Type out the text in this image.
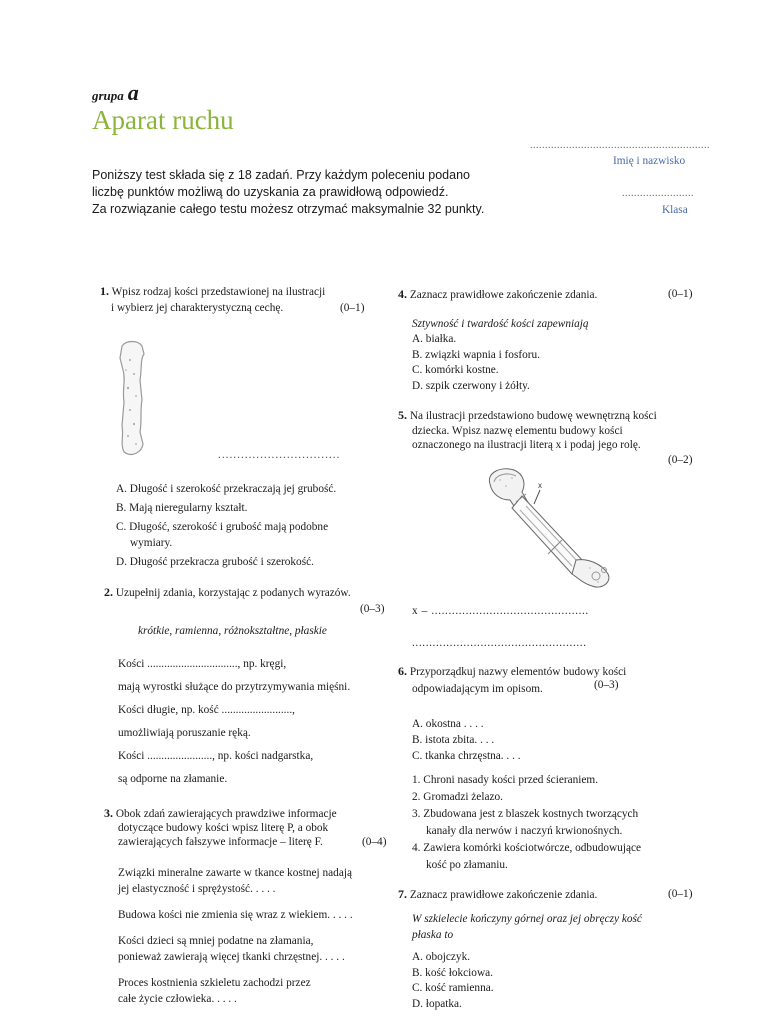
grupa a
Aparat ruchu
............................................................
Imię i nazwisko
........................
Klasa
Poniższy test składa się z 18 zadań. Przy każdym poleceniu podano
liczbę punktów możliwą do uzyskania za prawidłową odpowiedź.
Za rozwiązanie całego testu możesz otrzymać maksymalnie 32 punkty.
1. Wpisz rodzaj kości przedstawionej na ilustracji
i wybierz jej charakterystyczną cechę.	(0–1)
................................
A. Długość i szerokość przekraczają jej grubość.
B. Mają nieregularny kształt.
C. Długość, szerokość i grubość mają podobne
wymiary.
D. Długość przekracza grubość i szerokość.
2. Uzupełnij zdania, korzystając z podanych wyrazów.
(0–3)

krótkie, ramienna, różnokształtne, płaskie
Kości ................................, np. kręgi,
mają wyrostki służące do przytrzymywania mięśni.
Kości długie, np. kość .........................,
umożliwiają poruszanie ręką.
Kości ......................., np. kości nadgarstka,
są odporne na złamanie.
3. Obok zdań zawierających prawdziwe informacje
dotyczące budowy kości wpisz literę P, a obok
zawierających fałszywe informacje – literę F.	(0–4)
Związki mineralne zawarte w tkance kostnej nadają
jej elastyczność i sprężystość. . . . .
Budowa kości nie zmienia się wraz z wiekiem. . . . .
Kości dzieci są mniej podatne na złamania,
ponieważ zawierają więcej tkanki chrzęstnej. . . . .
Proces kostnienia szkieletu zachodzi przez
całe życie człowieka. . . . .
4. Zaznacz prawidłowe zakończenie zdania.	(0–1)
Sztywność i twardość kości zapewniają
A. białka.
B. związki wapnia i fosforu.
C. komórki kostne.
D. szpik czerwony i żółty.
5. Na ilustracji przedstawiono budowę wewnętrzną kości
dziecka. Wpisz nazwę elementu budowy kości
oznaczonego na ilustracji literą x i podaj jego rolę.
(0–2)

x
x – ..............................................
...................................................
6. Przyporządkuj nazwy elementów budowy kości
odpowiadającym im opisom.	(0–3)
A. okostna . . . .
B. istota zbita. . . .
C. tkanka chrzęstna. . . .
1. Chroni nasady kości przed ścieraniem.
2. Gromadzi żelazo.
3. Zbudowana jest z blaszek kostnych tworzących
kanały dla nerwów i naczyń krwionośnych.
4. Zawiera komórki kościotwórcze, odbudowujące
kość po złamaniu.
7. Zaznacz prawidłowe zakończenie zdania.	(0–1)
W szkielecie kończyny górnej oraz jej obręczy kość
płaska to
A. obojczyk.
B. kość łokciowa.
C. kość ramienna.
D. łopatka.
